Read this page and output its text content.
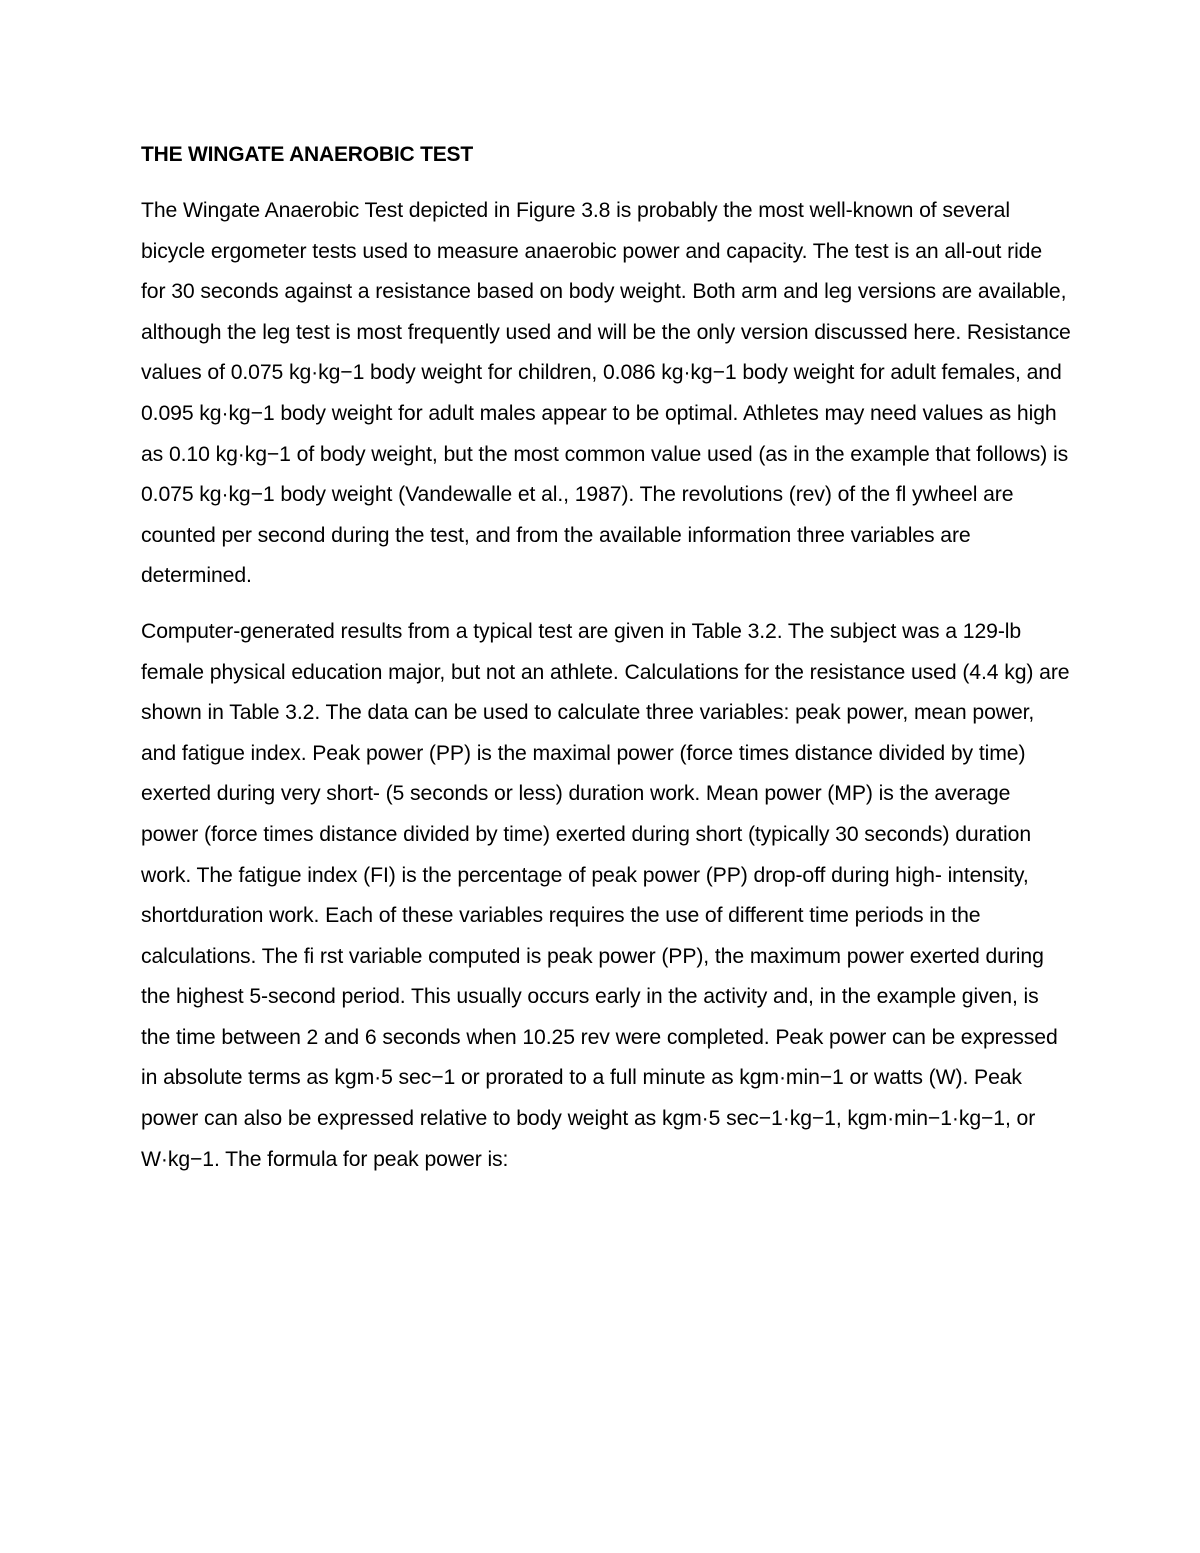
THE WINGATE ANAEROBIC TEST

The Wingate Anaerobic Test depicted in Figure 3.8 is probably the most well-known of several bicycle ergometer tests used to measure anaerobic power and capacity. The test is an all-out ride for 30 seconds against a resistance based on body weight. Both arm and leg versions are available, although the leg test is most frequently used and will be the only version discussed here. Resistance values of 0.075 kg·kg−1 body weight for children, 0.086 kg·kg−1 body weight for adult females, and 0.095 kg·kg−1 body weight for adult males appear to be optimal. Athletes may need values as high as 0.10 kg·kg−1 of body weight, but the most common value used (as in the example that follows) is 0.075 kg·kg−1 body weight (Vandewalle et al., 1987). The revolutions (rev) of the fl ywheel are counted per second during the test, and from the available information three variables are determined.

Computer-generated results from a typical test are given in Table 3.2. The subject was a 129-lb female physical education major, but not an athlete. Calculations for the resistance used (4.4 kg) are shown in Table 3.2. The data can be used to calculate three variables: peak power, mean power, and fatigue index. Peak power (PP) is the maximal power (force times distance divided by time) exerted during very short- (5 seconds or less) duration work. Mean power (MP) is the average power (force times distance divided by time) exerted during short (typically 30 seconds) duration work. The fatigue index (FI) is the percentage of peak power (PP) drop-off during high- intensity, shortduration work. Each of these variables requires the use of different time periods in the calculations. The fi rst variable computed is peak power (PP), the maximum power exerted during the highest 5-second period. This usually occurs early in the activity and, in the example given, is the time between 2 and 6 seconds when 10.25 rev were completed. Peak power can be expressed in absolute terms as kgm·5 sec−1 or prorated to a full minute as kgm·min−1 or watts (W). Peak power can also be expressed relative to body weight as kgm·5 sec−1·kg−1, kgm·min−1·kg−1, or W·kg−1. The formula for peak power is:
